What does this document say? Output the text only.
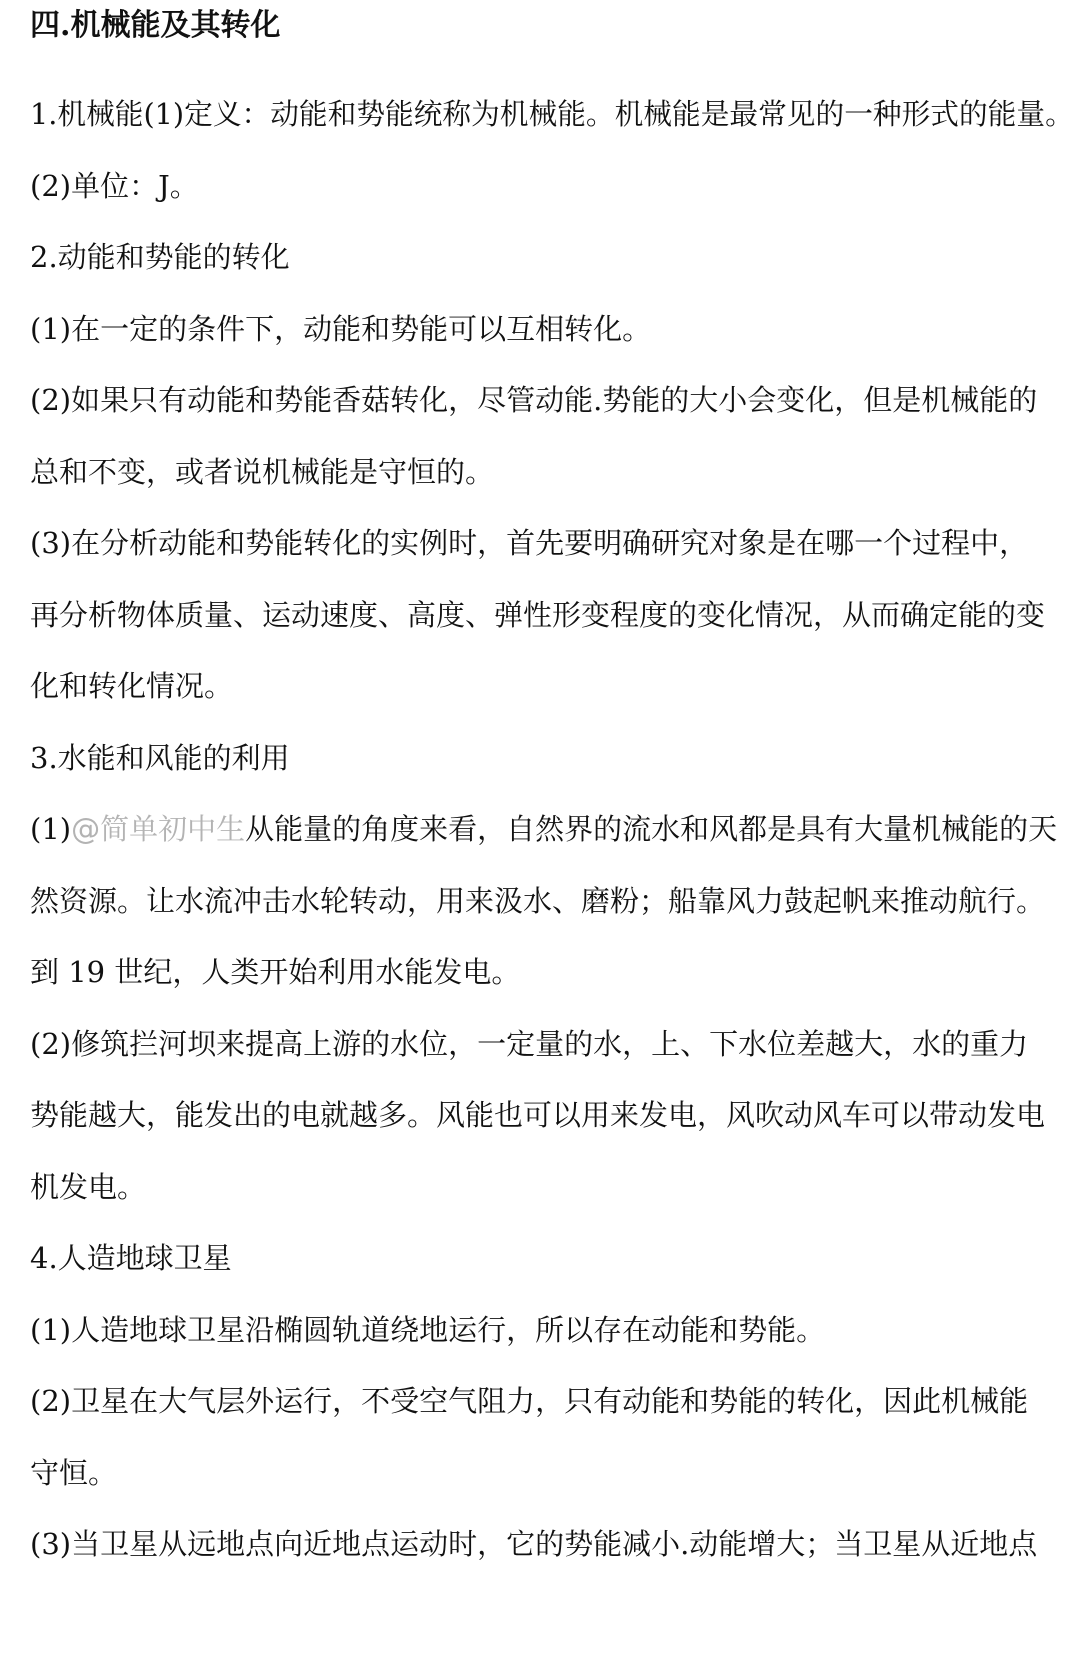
四.机械能及其转化
1.机械能(1)定义：动能和势能统称为机械能。机械能是最常见的一种形式的能量。
(2)单位：J。
2.动能和势能的转化
(1)在一定的条件下，动能和势能可以互相转化。
(2)如果只有动能和势能香菇转化，尽管动能.势能的大小会变化，但是机械能的
总和不变，或者说机械能是守恒的。
(3)在分析动能和势能转化的实例时，首先要明确研究对象是在哪一个过程中，
再分析物体质量、运动速度、高度、弹性形变程度的变化情况，从而确定能的变
化和转化情况。
3.水能和风能的利用
(1)@简单初中生从能量的角度来看，自然界的流水和风都是具有大量机械能的天
然资源。让水流冲击水轮转动，用来汲水、磨粉；船靠风力鼓起帆来推动航行。
到 19 世纪，人类开始利用水能发电。
(2)修筑拦河坝来提高上游的水位，一定量的水，上、下水位差越大，水的重力
势能越大，能发出的电就越多。风能也可以用来发电，风吹动风车可以带动发电
机发电。
4.人造地球卫星
(1)人造地球卫星沿椭圆轨道绕地运行，所以存在动能和势能。
(2)卫星在大气层外运行，不受空气阻力，只有动能和势能的转化，因此机械能
守恒。
(3)当卫星从远地点向近地点运动时，它的势能减小.动能增大；当卫星从近地点
